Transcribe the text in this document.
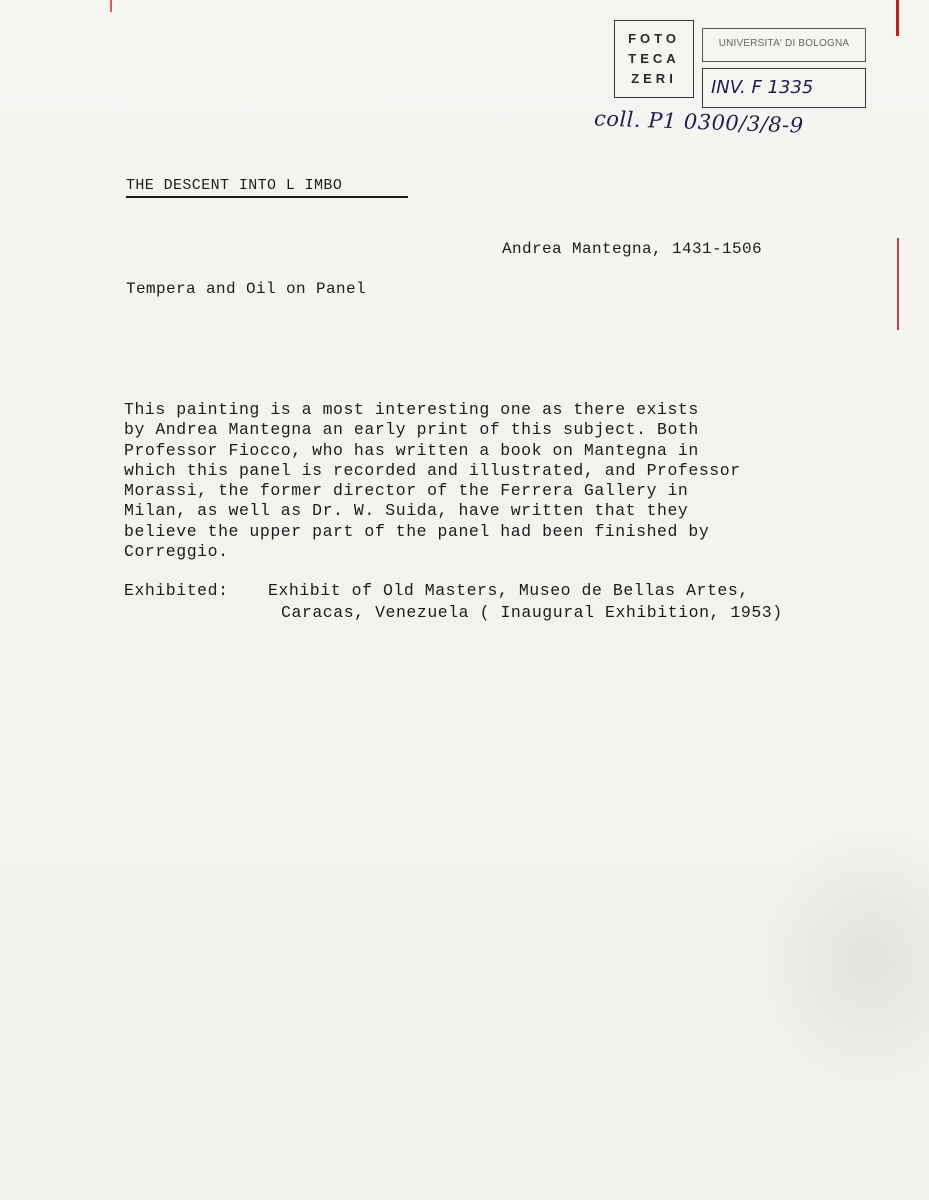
FOTO
TECA
ZERI
UNIVERSITA' DI BOLOGNA
INV. F 1335
coll. P1 0300/3/8-9
THE DESCENT INTO L IMBO
Andrea Mantegna, 1431-1506
Tempera and Oil on Panel
This painting is a most interesting one as there exists
by Andrea Mantegna an early print of this subject. Both
Professor Fiocco, who has written a book on Mantegna in
which this panel is recorded and illustrated, and Professor
Morassi, the former director of the Ferrera Gallery in
Milan, as well as Dr. W. Suida, have written that they
believe the upper part of the panel had been finished by
Correggio.
Exhibited: Exhibit of Old Masters, Museo de Bellas Artes,
Caracas, Venezuela ( Inaugural Exhibition, 1953)
